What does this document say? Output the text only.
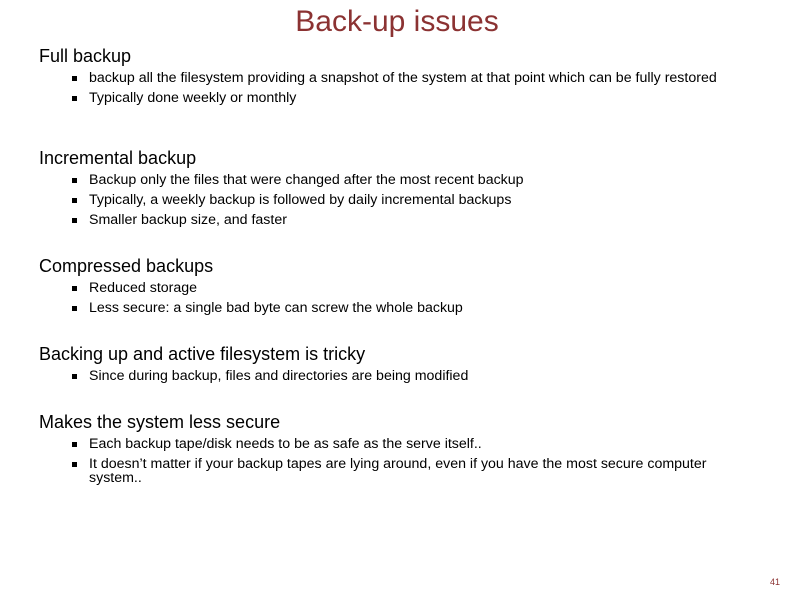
Back-up issues

Full backup

backup all the filesystem providing a snapshot of the system at that point which can be fully restored
Typically done weekly or monthly

Incremental backup

Backup only the files that were changed after the most recent backup
Typically, a weekly backup is followed by daily incremental backups
Smaller backup size, and faster

Compressed backups

Reduced storage
Less secure: a single bad byte can screw the whole backup

Backing up and active filesystem is tricky

Since during backup, files and directories are being modified

Makes the system less secure

Each backup tape/disk needs to be as safe as the serve itself..
It doesn’t matter if your backup tapes are lying around, even if you have the most secure computer system..
41
